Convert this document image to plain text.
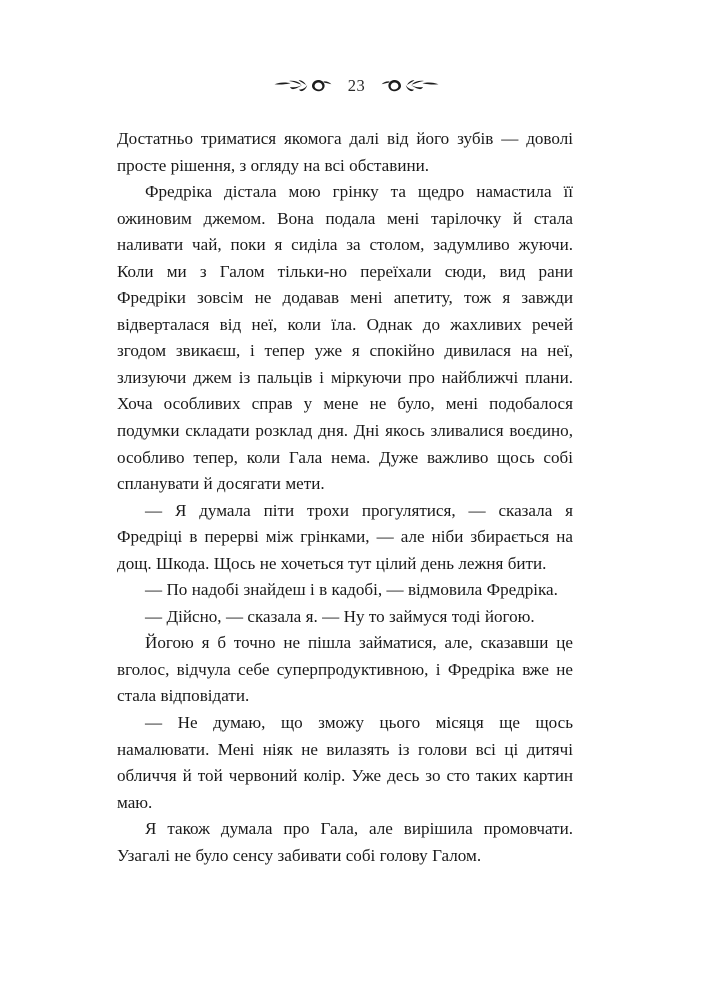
23

Достатньо триматися якомога далі від його зубів — доволі просте рішення, з огляду на всі обставини.

Фредріка дістала мою грінку та щедро намастила її ожиновим джемом. Вона подала мені тарілочку й стала наливати чай, поки я сиділа за столом, задумливо жуючи. Коли ми з Галом тільки-но переїхали сюди, вид рани Фредріки зовсім не додавав мені апетиту, тож я завжди відверталася від неї, коли їла. Однак до жахливих речей згодом звикаєш, і тепер уже я спокійно дивилася на неї, злизуючи джем із пальців і міркуючи про найближчі плани. Хоча особливих справ у мене не було, мені подобалося подумки складати розклад дня. Дні якось зливалися воєдино, особливо тепер, коли Гала нема. Дуже важливо щось собі спланувати й досягати мети.

— Я думала піти трохи прогулятися, — сказала я Фредріці в перерві між грінками, — але ніби збирається на дощ. Шкода. Щось не хочеться тут цілий день лежня бити.

— По надобі знайдеш і в кадобі, — відмовила Фредріка.

— Дійсно, — сказала я. — Ну то займуся тоді йогою.

Йогою я б точно не пішла займатися, але, сказавши це вголос, відчула себе суперпродуктивною, і Фредріка вже не стала відповідати.

— Не думаю, що зможу цього місяця ще щось намалювати. Мені ніяк не вилазять із голови всі ці дитячі обличчя й той червоний колір. Уже десь зо сто таких картин маю.

Я також думала про Гала, але вирішила промовчати. Узагалі не було сенсу забивати собі голову Галом.
